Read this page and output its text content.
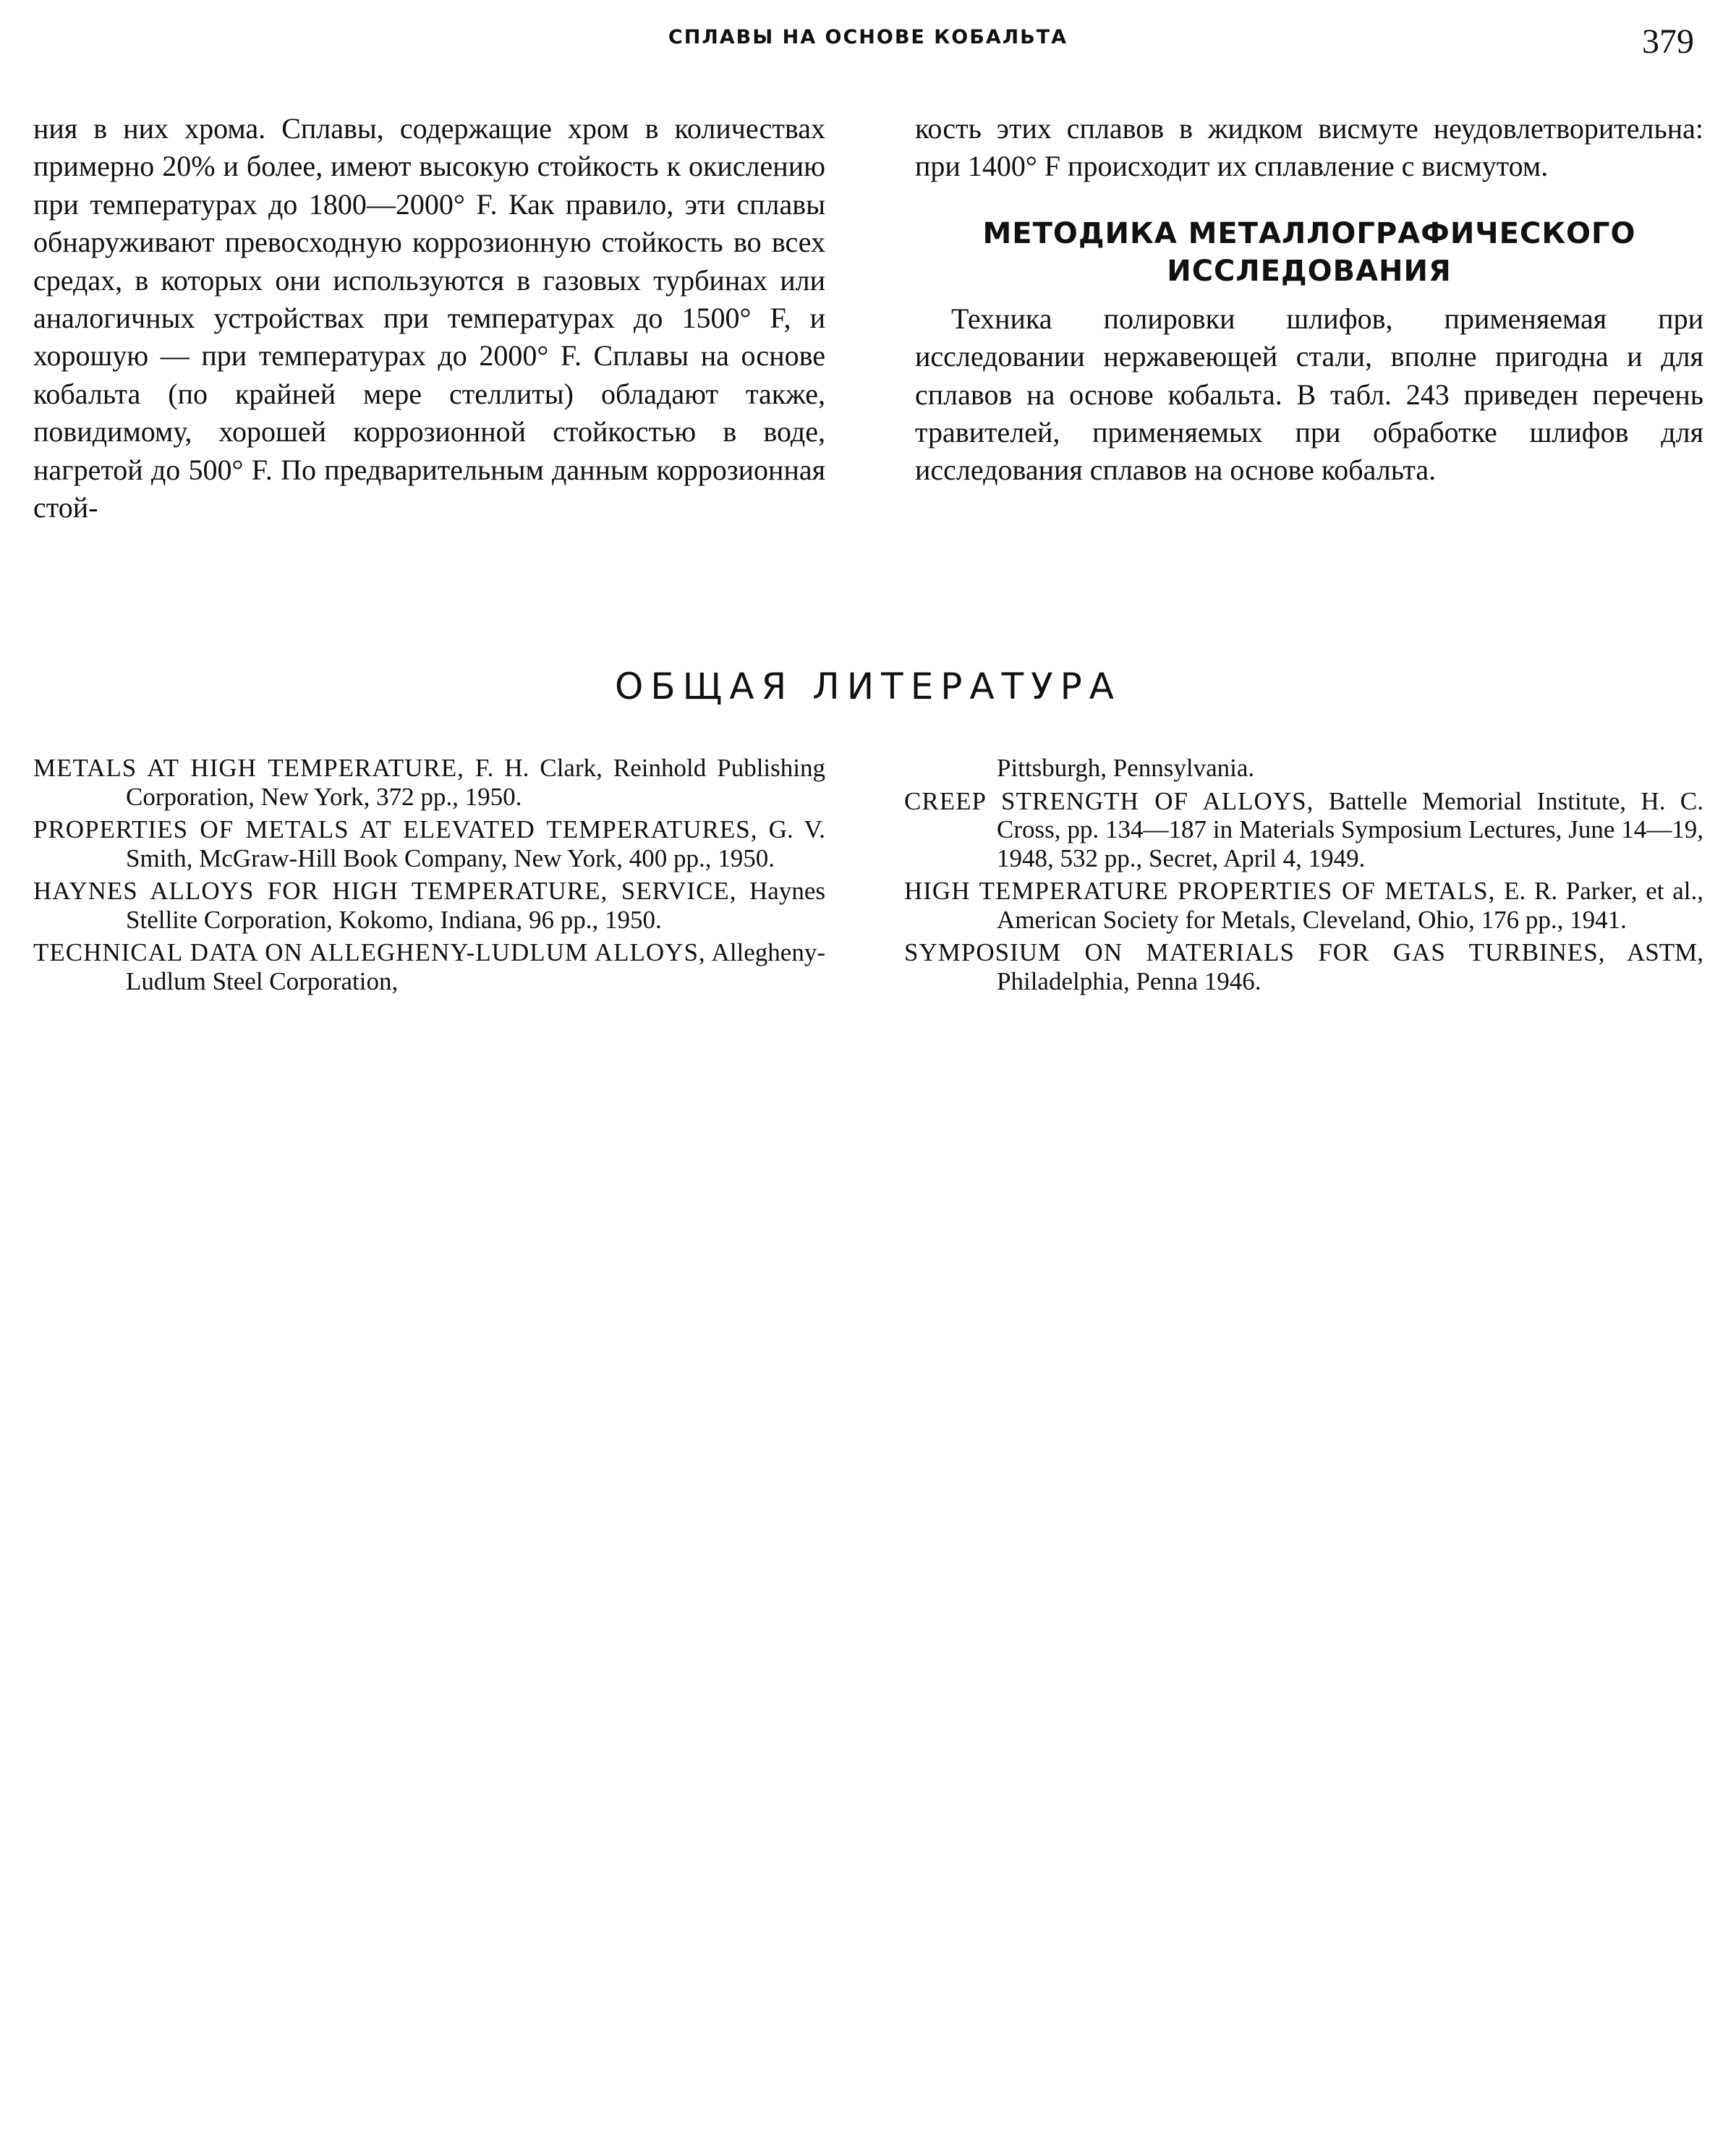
СПЛАВЫ НА ОСНОВЕ КОБАЛЬТА	379

ния в них хрома. Сплавы, содержащие хром в количествах примерно 20% и более, имеют высокую стойкость к окислению при температурах до 1800—2000° F. Как правило, эти сплавы обнаруживают превосходную коррозионную стойкость во всех средах, в которых они используются в газовых турбинах или аналогичных устройствах при температурах до 1500° F, и хорошую — при температурах до 2000° F. Сплавы на основе кобальта (по крайней мере стеллиты) обладают также, повидимому, хорошей коррозионной стойкостью в воде, нагретой до 500° F. По предварительным данным коррозионная стой-

кость этих сплавов в жидком висмуте неудовлетворительна: при 1400° F происходит их сплавление с висмутом.

МЕТОДИКА МЕТАЛЛОГРАФИЧЕСКОГО
ИССЛЕДОВАНИЯ

Техника полировки шлифов, применяемая при исследовании нержавеющей стали, вполне пригодна и для сплавов на основе кобальта. В табл. 243 приведен перечень травителей, применяемых при обработке шлифов для исследования сплавов на основе кобальта.

ОБЩАЯ ЛИТЕРАТУРА

METALS AT HIGH TEMPERATURE, F. H. Clark, Reinhold Publishing Corporation, New York, 372 pp., 1950.

PROPERTIES OF METALS AT ELEVATED TEMPERATURES, G. V. Smith, McGraw-Hill Book Company, New York, 400 pp., 1950.

HAYNES ALLOYS FOR HIGH TEMPERATURE, SERVICE, Haynes Stellite Corporation, Kokomo, Indiana, 96 pp., 1950.

TECHNICAL DATA ON ALLEGHENY-LUDLUM ALLOYS, Allegheny-Ludlum Steel Corporation,

Pittsburgh, Pennsylvania.

CREEP STRENGTH OF ALLOYS, Battelle Memorial Institute, H. C. Cross, pp. 134—187 in Materials Symposium Lectures, June 14—19, 1948, 532 pp., Secret, April 4, 1949.

HIGH TEMPERATURE PROPERTIES OF METALS, E. R. Parker, et al., American Society for Metals, Cleveland, Ohio, 176 pp., 1941.

SYMPOSIUM ON MATERIALS FOR GAS TURBINES, ASTM, Philadelphia, Penna 1946.
